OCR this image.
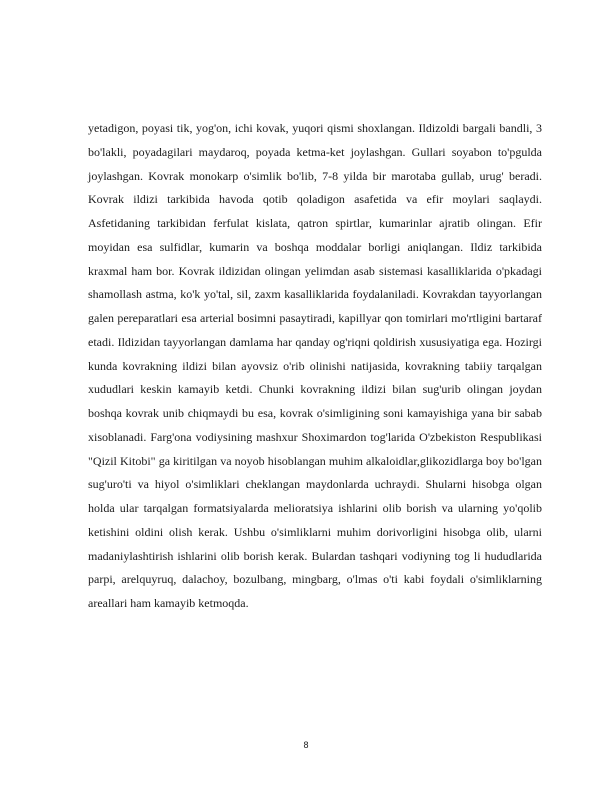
yetadigon, poyasi tik, yog'on, ichi kovak, yuqori qismi shoxlangan. Ildizoldi bargali bandli, 3 bo'lakli, poyadagilari maydaroq, poyada ketma-ket joylashgan. Gullari soyabon to'pgulda joylashgan. Kovrak monokarp o'simlik bo'lib, 7-8 yilda bir marotaba gullab, urug' beradi. Kovrak ildizi tarkibida havoda qotib qoladigon asafetida va efir moylari saqlaydi. Asfetidaning tarkibidan ferfulat kislata, qatron spirtlar, kumarinlar ajratib olingan. Efir moyidan esa sulfidlar, kumarin va boshqa moddalar borligi aniqlangan. Ildiz tarkibida kraxmal ham bor. Kovrak ildizidan olingan yelimdan asab sistemasi kasalliklarida o'pkadagi shamollash astma, ko'k yo'tal, sil, zaxm kasalliklarida foydalaniladi. Kovrakdan tayyorlangan galen pereparatlari esa arterial bosimni pasaytiradi, kapillyar qon tomirlari mo'rtligini bartaraf etadi. Ildizidan tayyorlangan damlama har qanday og'riqni qoldirish xususiyatiga ega. Hozirgi kunda kovrakning ildizi bilan ayovsiz o'rib olinishi natijasida, kovrakning tabiiy tarqalgan xududlari keskin kamayib ketdi. Chunki kovrakning ildizi bilan sug'urib olingan joydan boshqa kovrak unib chiqmaydi bu esa, kovrak o'simligining soni kamayishiga yana bir sabab xisoblanadi. Farg'ona vodiysining mashxur Shoximardon tog'larida O'zbekiston Respublikasi "Qizil Kitobi" ga kiritilgan va noyob hisoblangan muhim alkaloidlar,glikozidlarga boy bo'lgan sug'uro'ti va hiyol o'simliklari cheklangan maydonlarda uchraydi. Shularni hisobga olgan holda ular tarqalgan formatsiyalarda melioratsiya ishlarini olib borish va ularning yo'qolib ketishini oldini olish kerak. Ushbu o'simliklarni muhim dorivorligini hisobga olib, ularni madaniylashtirish ishlarini olib borish kerak. Bulardan tashqari vodiyning tog li hududlarida parpi, arelquyruq, dalachoy, bozulbang, mingbarg, o'lmas o'ti kabi foydali o'simliklarning areallari ham kamayib ketmoqda.

8
